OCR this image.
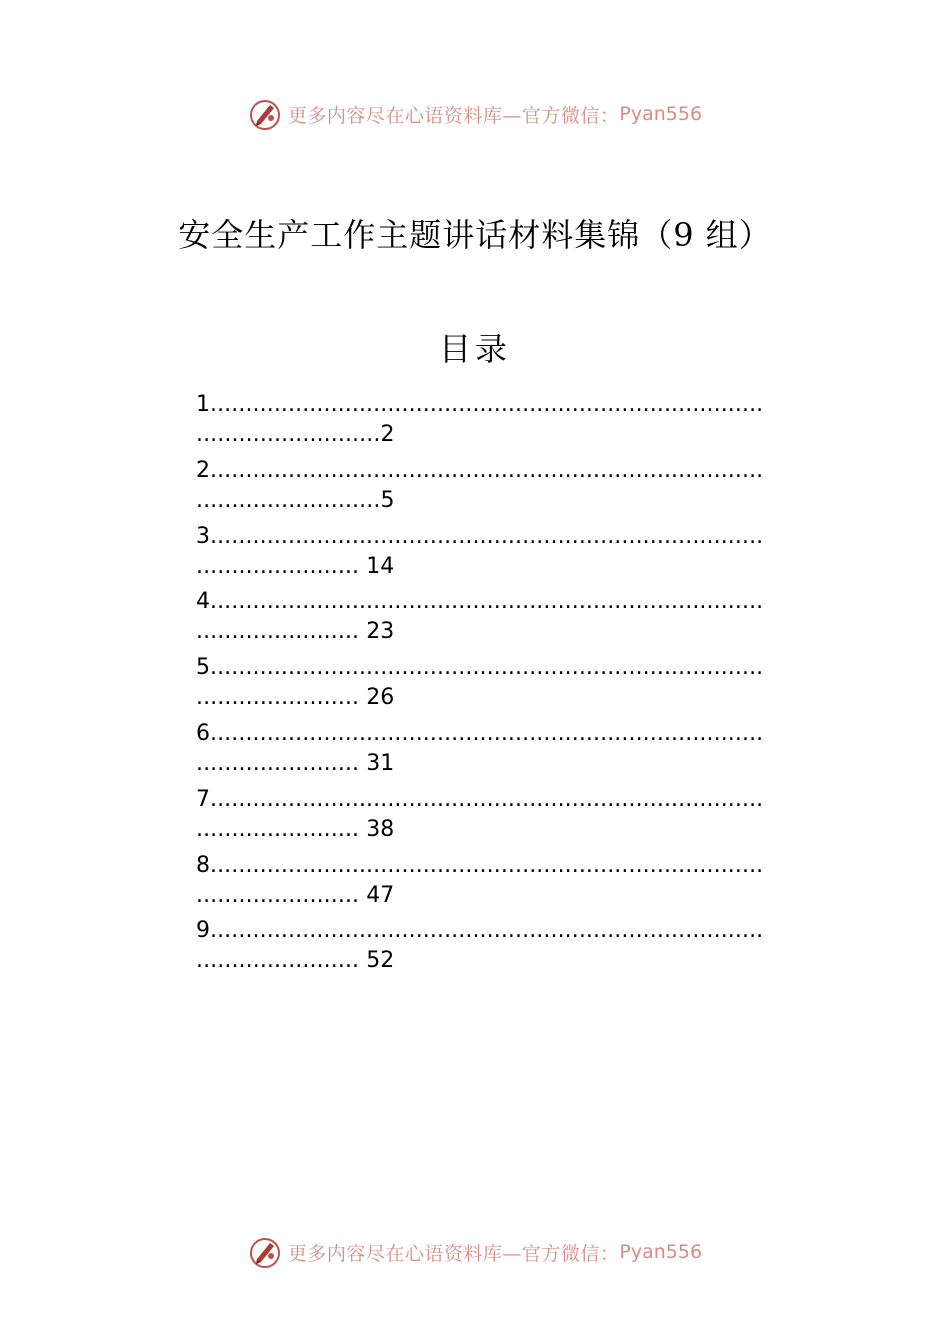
更多内容尽在心语资料库—官方微信： Pyan556
安全生产工作主题讲话材料集锦（9 组）
目录
1..............................................................................
..........................2
2..............................................................................
..........................5
3..............................................................................
....................... 14
4..............................................................................
....................... 23
5..............................................................................
....................... 26
6..............................................................................
....................... 31
7..............................................................................
....................... 38
8..............................................................................
....................... 47
9..............................................................................
....................... 52
更多内容尽在心语资料库—官方微信： Pyan556
